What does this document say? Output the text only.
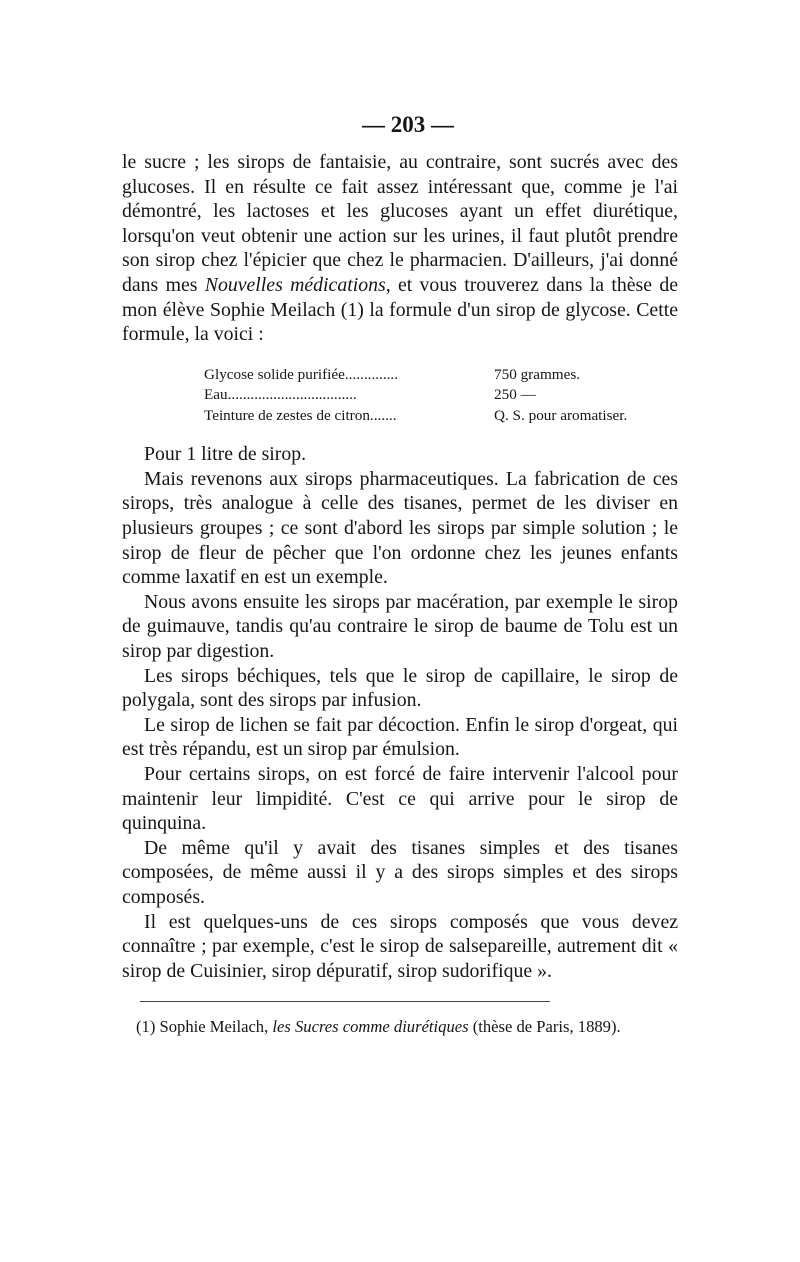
— 203 —

le sucre ; les sirops de fantaisie, au contraire, sont sucrés avec des glucoses. Il en résulte ce fait assez intéressant que, comme je l'ai démontré, les lactoses et les glucoses ayant un effet diurétique, lorsqu'on veut obtenir une action sur les urines, il faut plutôt prendre son sirop chez l'épicier que chez le pharmacien. D'ailleurs, j'ai donné dans mes Nouvelles médications, et vous trouverez dans la thèse de mon élève Sophie Meilach (1) la formule d'un sirop de glycose. Cette formule, la voici :

Glycose solide purifiée..............	750 grammes.
Eau..................................	250 —
Teinture de zestes de citron.......	Q. S. pour aromatiser.

Pour 1 litre de sirop.

Mais revenons aux sirops pharmaceutiques. La fabrication de ces sirops, très analogue à celle des tisanes, permet de les diviser en plusieurs groupes ; ce sont d'abord les sirops par simple solution ; le sirop de fleur de pêcher que l'on ordonne chez les jeunes enfants comme laxatif en est un exemple.

Nous avons ensuite les sirops par macération, par exemple le sirop de guimauve, tandis qu'au contraire le sirop de baume de Tolu est un sirop par digestion.

Les sirops béchiques, tels que le sirop de capillaire, le sirop de polygala, sont des sirops par infusion.

Le sirop de lichen se fait par décoction. Enfin le sirop d'orgeat, qui est très répandu, est un sirop par émulsion.

Pour certains sirops, on est forcé de faire intervenir l'alcool pour maintenir leur limpidité. C'est ce qui arrive pour le sirop de quinquina.

De même qu'il y avait des tisanes simples et des tisanes composées, de même aussi il y a des sirops simples et des sirops composés.

Il est quelques-uns de ces sirops composés que vous devez connaître ; par exemple, c'est le sirop de salsepareille, autrement dit « sirop de Cuisinier, sirop dépuratif, sirop sudorifique ».

(1) Sophie Meilach, les Sucres comme diurétiques (thèse de Paris, 1889).
